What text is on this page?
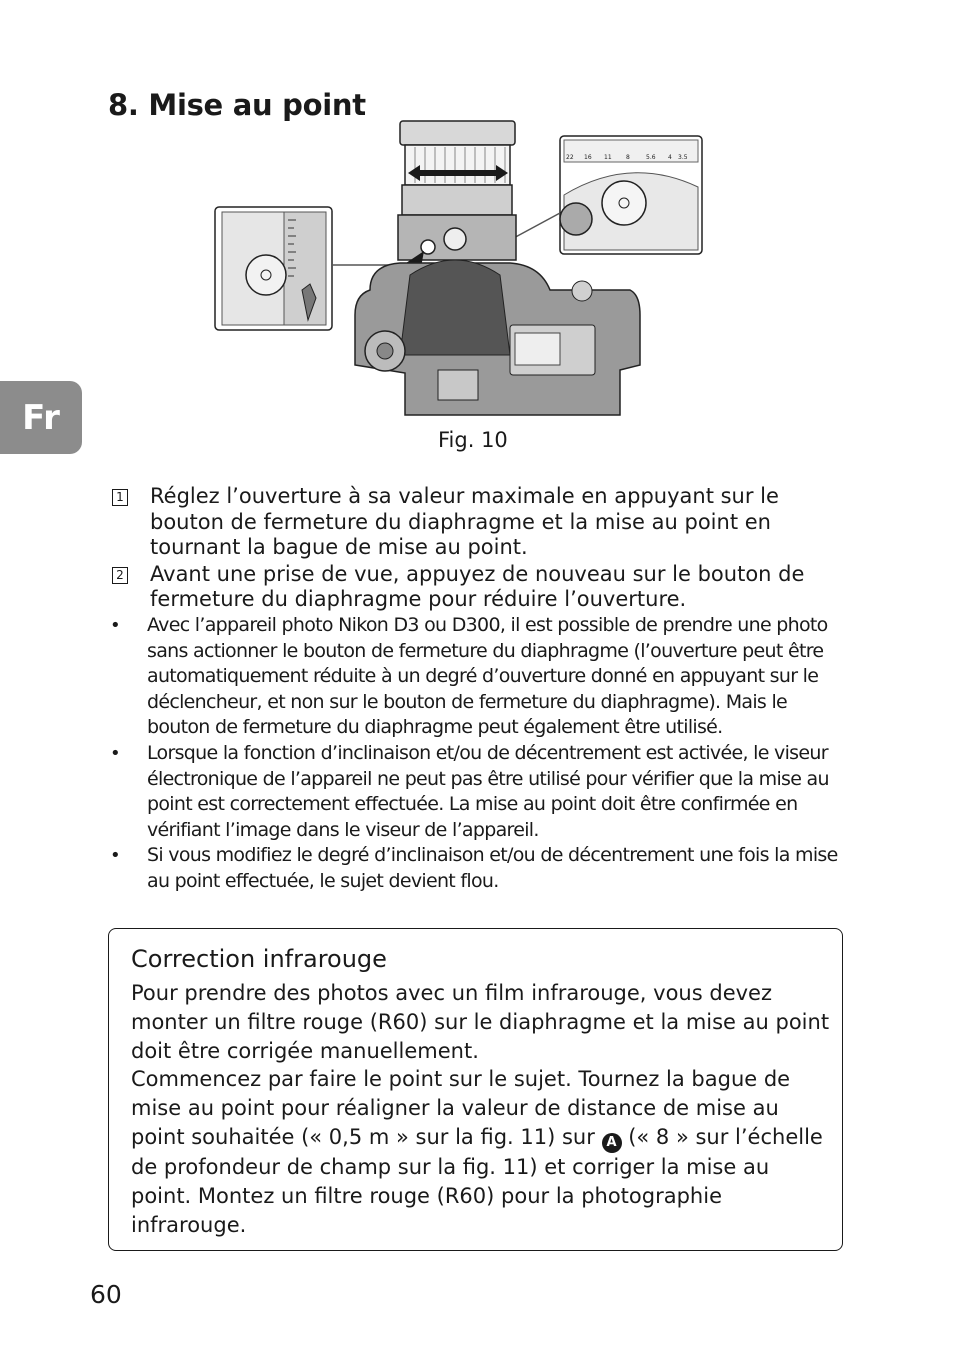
8. Mise au point
Fr
22 16 11 8	5.6 4 3.5
Fig. 10
1 Réglez l’ouverture à sa valeur maximale en appuyant sur le bouton de fermeture du diaphragme et la mise au point en tournant la bague de mise au point.
2 Avant une prise de vue, appuyez de nouveau sur le bouton de fermeture du diaphragme pour réduire l’ouverture.
•	Avec l’appareil photo Nikon D3 ou D300, il est possible de prendre une photo sans actionner le bouton de fermeture du diaphragme (l’ouverture peut être automatiquement réduite à un degré d’ouverture donné en appuyant sur le déclencheur, et non sur le bouton de fermeture du diaphragme). Mais le bouton de fermeture du diaphragme peut également être utilisé.
•	Lorsque la fonction d’inclinaison et/ou de décentrement est activée, le viseur électronique de l’appareil ne peut pas être utilisé pour vérifier que la mise au point est correctement effectuée. La mise au point doit être confirmée en vérifiant l’image dans le viseur de l’appareil.
•	Si vous modifiez le degré d’inclinaison et/ou de décentrement une fois la mise au point effectuée, le sujet devient flou.
Correction infrarouge

Pour prendre des photos avec un film infrarouge, vous devez monter un filtre rouge (R60) sur le diaphragme et la mise au point doit être corrigée manuellement.

Commencez par faire le point sur le sujet. Tournez la bague de mise au point pour réaligner la valeur de distance de mise au point souhaitée (« 0,5 m » sur la fig. 11) sur A (« 8 » sur l’échelle de profondeur de champ sur la fig. 11) et corriger la mise au point. Montez un filtre rouge (R60) pour la photographie infrarouge.

60
